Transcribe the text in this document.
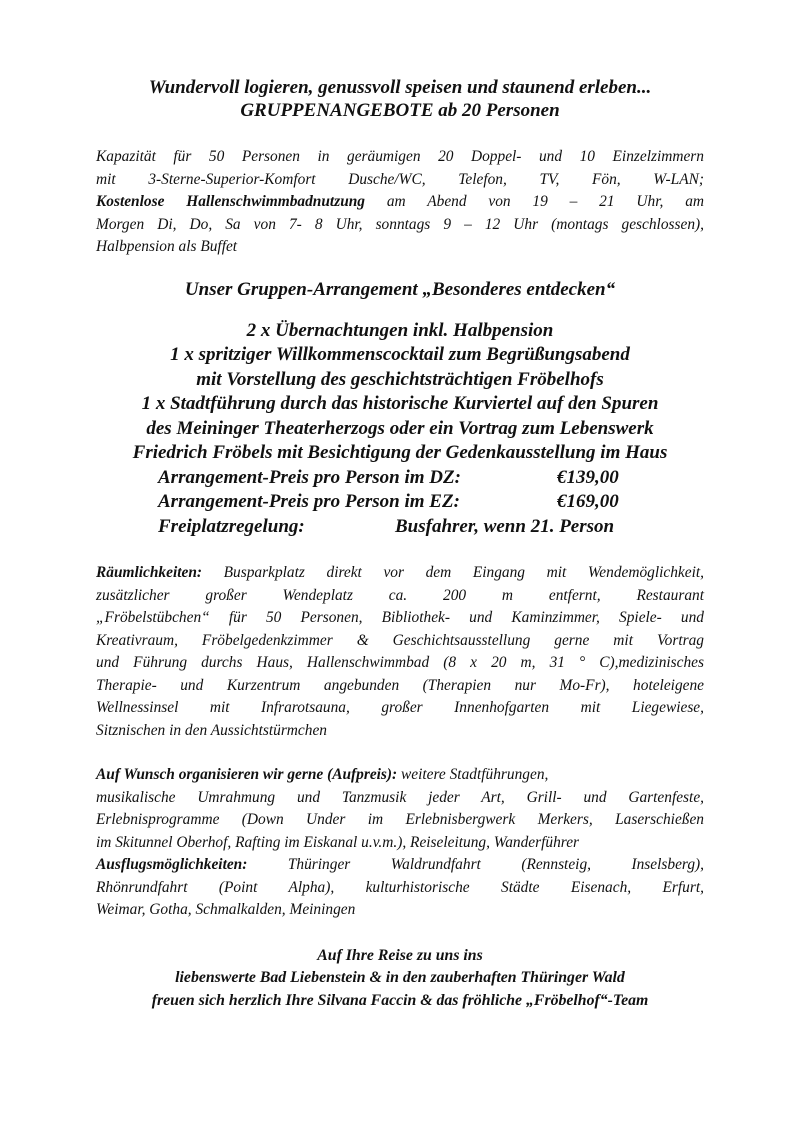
Wundervoll logieren, genussvoll speisen und staunend erleben...
GRUPPENANGEBOTE ab 20 Personen
Kapazität für 50 Personen in geräumigen 20 Doppel- und 10 Einzelzimmern
mit 3-Sterne-Superior-Komfort Dusche/WC, Telefon, TV, Fön, W-LAN;
Kostenlose Hallenschwimmbadnutzung am Abend von 19 – 21 Uhr, am
Morgen Di, Do, Sa von 7- 8 Uhr, sonntags 9 – 12 Uhr (montags geschlossen),
Halbpension als Buffet
Unser Gruppen-Arrangement „Besonderes entdecken“
2 x Übernachtungen inkl. Halbpension
1 x spritziger Willkommenscocktail zum Begrüßungsabend
mit Vorstellung des geschichtsträchtigen Fröbelhofs
1 x Stadtführung durch das historische Kurviertel auf den Spuren
des Meininger Theaterherzogs oder ein Vortrag zum Lebenswerk
Friedrich Fröbels mit Besichtigung der Gedenkausstellung im Haus
Arrangement-Preis pro Person im DZ:	€139,00
Arrangement-Preis pro Person im EZ:	€169,00
Freiplatzregelung:	Busfahrer, wenn 21. Person
Räumlichkeiten: Busparkplatz direkt vor dem Eingang mit Wendemöglichkeit,
zusätzlicher großer Wendeplatz ca. 200 m entfernt, Restaurant
„Fröbelstübchen“ für 50 Personen, Bibliothek- und Kaminzimmer, Spiele- und
Kreativraum, Fröbelgedenkzimmer & Geschichtsausstellung gerne mit Vortrag
und Führung durchs Haus, Hallenschwimmbad (8 x 20 m, 31 ° C),medizinisches
Therapie- und Kurzentrum angebunden (Therapien nur Mo-Fr), hoteleigene
Wellnessinsel mit Infrarotsauna, großer Innenhofgarten mit Liegewiese,
Sitznischen in den Aussichtstürmchen
Auf Wunsch organisieren wir gerne (Aufpreis): weitere Stadtführungen,
musikalische Umrahmung und Tanzmusik jeder Art, Grill- und Gartenfeste,
Erlebnisprogramme (Down Under im Erlebnisbergwerk Merkers, Laserschießen
im Skitunnel Oberhof, Rafting im Eiskanal u.v.m.), Reiseleitung, Wanderführer
Ausflugsmöglichkeiten: Thüringer Waldrundfahrt (Rennsteig, Inselsberg),
Rhönrundfahrt (Point Alpha), kulturhistorische Städte Eisenach, Erfurt,
Weimar, Gotha, Schmalkalden, Meiningen
Auf Ihre Reise zu uns ins
liebenswerte Bad Liebenstein & in den zauberhaften Thüringer Wald
freuen sich herzlich Ihre Silvana Faccin & das fröhliche „Fröbelhof“-Team
